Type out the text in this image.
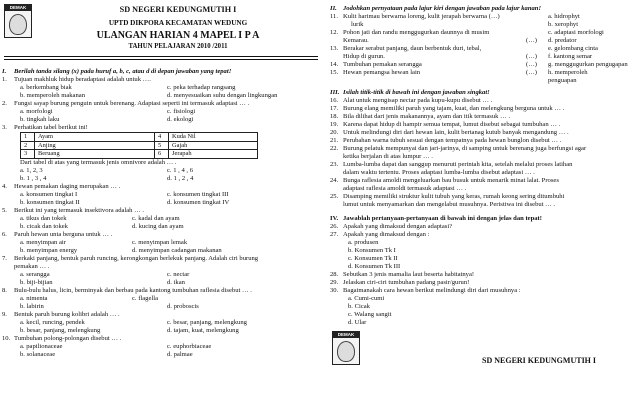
DEMAK	SD NEGERI KEDUNGMUTIH I
UPTD DIKPORA KECAMATAN WEDUNG
ULANGAN HARIAN 4 MAPEL I P A
TAHUN PELAJARAN 2010 /2011
I. Berilah tanda silang (x) pada huruf a, b, c, atau d di depan jawaban yang tepat!
1. Tujuan makhluk hidup beradaptasi adalah untuk ….
a. berkembang biak	c. peka terhadap rangsang
b. memperoleh makanan	d. menyesuaikan suhu dengan lingkungan
2. Fungsi sayap burung penguin untuk berenang. Adaptasi seperti ini termasuk adaptasi … .
a. morfologi	c. fisiologi
b. tingkah laku	d. ekologi
3. Perhatikan tabel berikut ini!
1	Ayam	4	Kuda Nil
2	Anjing	5	Gajah
3	Beruang	6	Jerapah
Dari tabel di atas yang termasuk jenis omnivore adalah … .
a. 1, 2, 3	c. 1 , 4 , 6
b. 1 , 3 , 4	d. 1 , 2 , 4
4. Hewan pemakan daging merupakan … .
a. konsumen tingkat I	c. konsumen tingkat III
b. konsumen tingkat II	d. konsumen tingkat IV
5. Berikut ini yang termasuk insektivora adalah … .
a. tikus dan tokek	c. kadal dan ayam
b. cicak dan tokek	d. kucing dan ayam
6. Paruh hewan unta berguna untuk … .
a. menyimpan air	c. menyimpan lemak
b. menyimpan energy	d. menyimpan cadangan makanan
7. Berkaki panjang, bentuk paruh runcing, kerongkongan berlekuk panjang. Adalah ciri burung
pemakan … .
a. serangga	c. nectar
b. biji-bijian	d. ikan
8. Bulu-bulu halus, licin, berminyak dan berbau pada kantong tumbuhan raflesia disebut … .
a. nimenta	c. flagella
b. labirin	d. proboscis
9. Bentuk paruh burung kolibri adalah … .
a. kecil, runcing, pendek	c. besar, panjang, melengkung
b. besar, panjang, melengkung	d. tajam, kuat, melengkung
10. Tumbuhan polong-polongan disebut … .
a. papilionaceae	c. euphorbiaceae
b. solanaceae	d. palmae
II. Jodohkan pernyataan pada lajur kiri dengan jawaban pada lajur kanan!
11. Kulit harimau berwarna loreng, kulit jerapah berwarna (…)	a. hidrophyt
lurik	b. xerophyt
12. Pohon jati dan randu menggugurkan daunnya di musim	c. adaptasi morfologi
Kemarau.	(…) d. predator
13. Berakar serabut panjang, daun berbentuk duri, tebal,	e. gelombang cinta
Hidup di gurun.	(…) f. kantong semar
14. Tumbuhan pemakan serangga	(…) g. menggugurkan pengugapan
15. Hewan pemangsa hewan lain	(…) h. memperoleh
penguapan
III. Isilah titik-titik di bawah ini dengan jawaban singkat!
16. Alat untuk mengisap nectar pada kupu-kupu disebut … .
17. Burung elang memiliki paruh yang tajam, kuat, dan melengkung berguna untuk … .
18. Bila dilihat dari jenis makanannya, ayam dan itik termasuk … .
19. Karena dapat hidup di hampir semua tempat, lumut disebut sebagai tumbuhan … .
20. Untuk melindungi diri dari hewan lain, kulit bertanag kutub banyak mengandung … .
21. Perubahan warna tubuh sesuai dengan tempatnya pada hewan bunglon disebut … .
22. Burung pelatuk mempunyai dan jari-jarinya, di samping untuk berenang juga berfungsi agar
ketika berjalan di atas lumpur … .
23. Lumba-lumba dapat dan sanggup menuruti perintah kita, setelah melalui proses latihan
dalam waktu tertentu. Proses adaptasi lumba-lumba disebut adaptasi … .
24. Bunga raflesia amoldi mengeluarkan bau busuk untuk menarik minat lalat. Proses
adaptasi raflesia amoldi termasuk adaptasi … .
25. Disamping memiliki struktur kulit tubuh yang keras, rumah keong sering ditumbuhi
lumut untuk menyamarkan dan mengelabui musuhnya. Peristiwa ini disebut … .
IV. Jawablah pertanyaan-pertanyaan di bawah ini dengan jelas dan tepat!
26. Apakah yang dimaksud dengan adaptasi?
27. Apakah yang dimaksud dengan :
a. produsen
b. Konsumen Tk I
c. Konsumen Tk II
d. Konsumen Tk III
28. Sebutkan 3 jenis mamalia laut beserta habitatnya!
29. Jelaskan ciri-ciri tumbuhan padang pasir/gurun!
30. Bagaimanakah cara hewan berikut melindungi diri dari musuhnya :
a. Cumi-cumi
b. Cicak
c. Walang sangit
d. Ular
DEMAK
SD NEGERI KEDUNGMUTIH I
